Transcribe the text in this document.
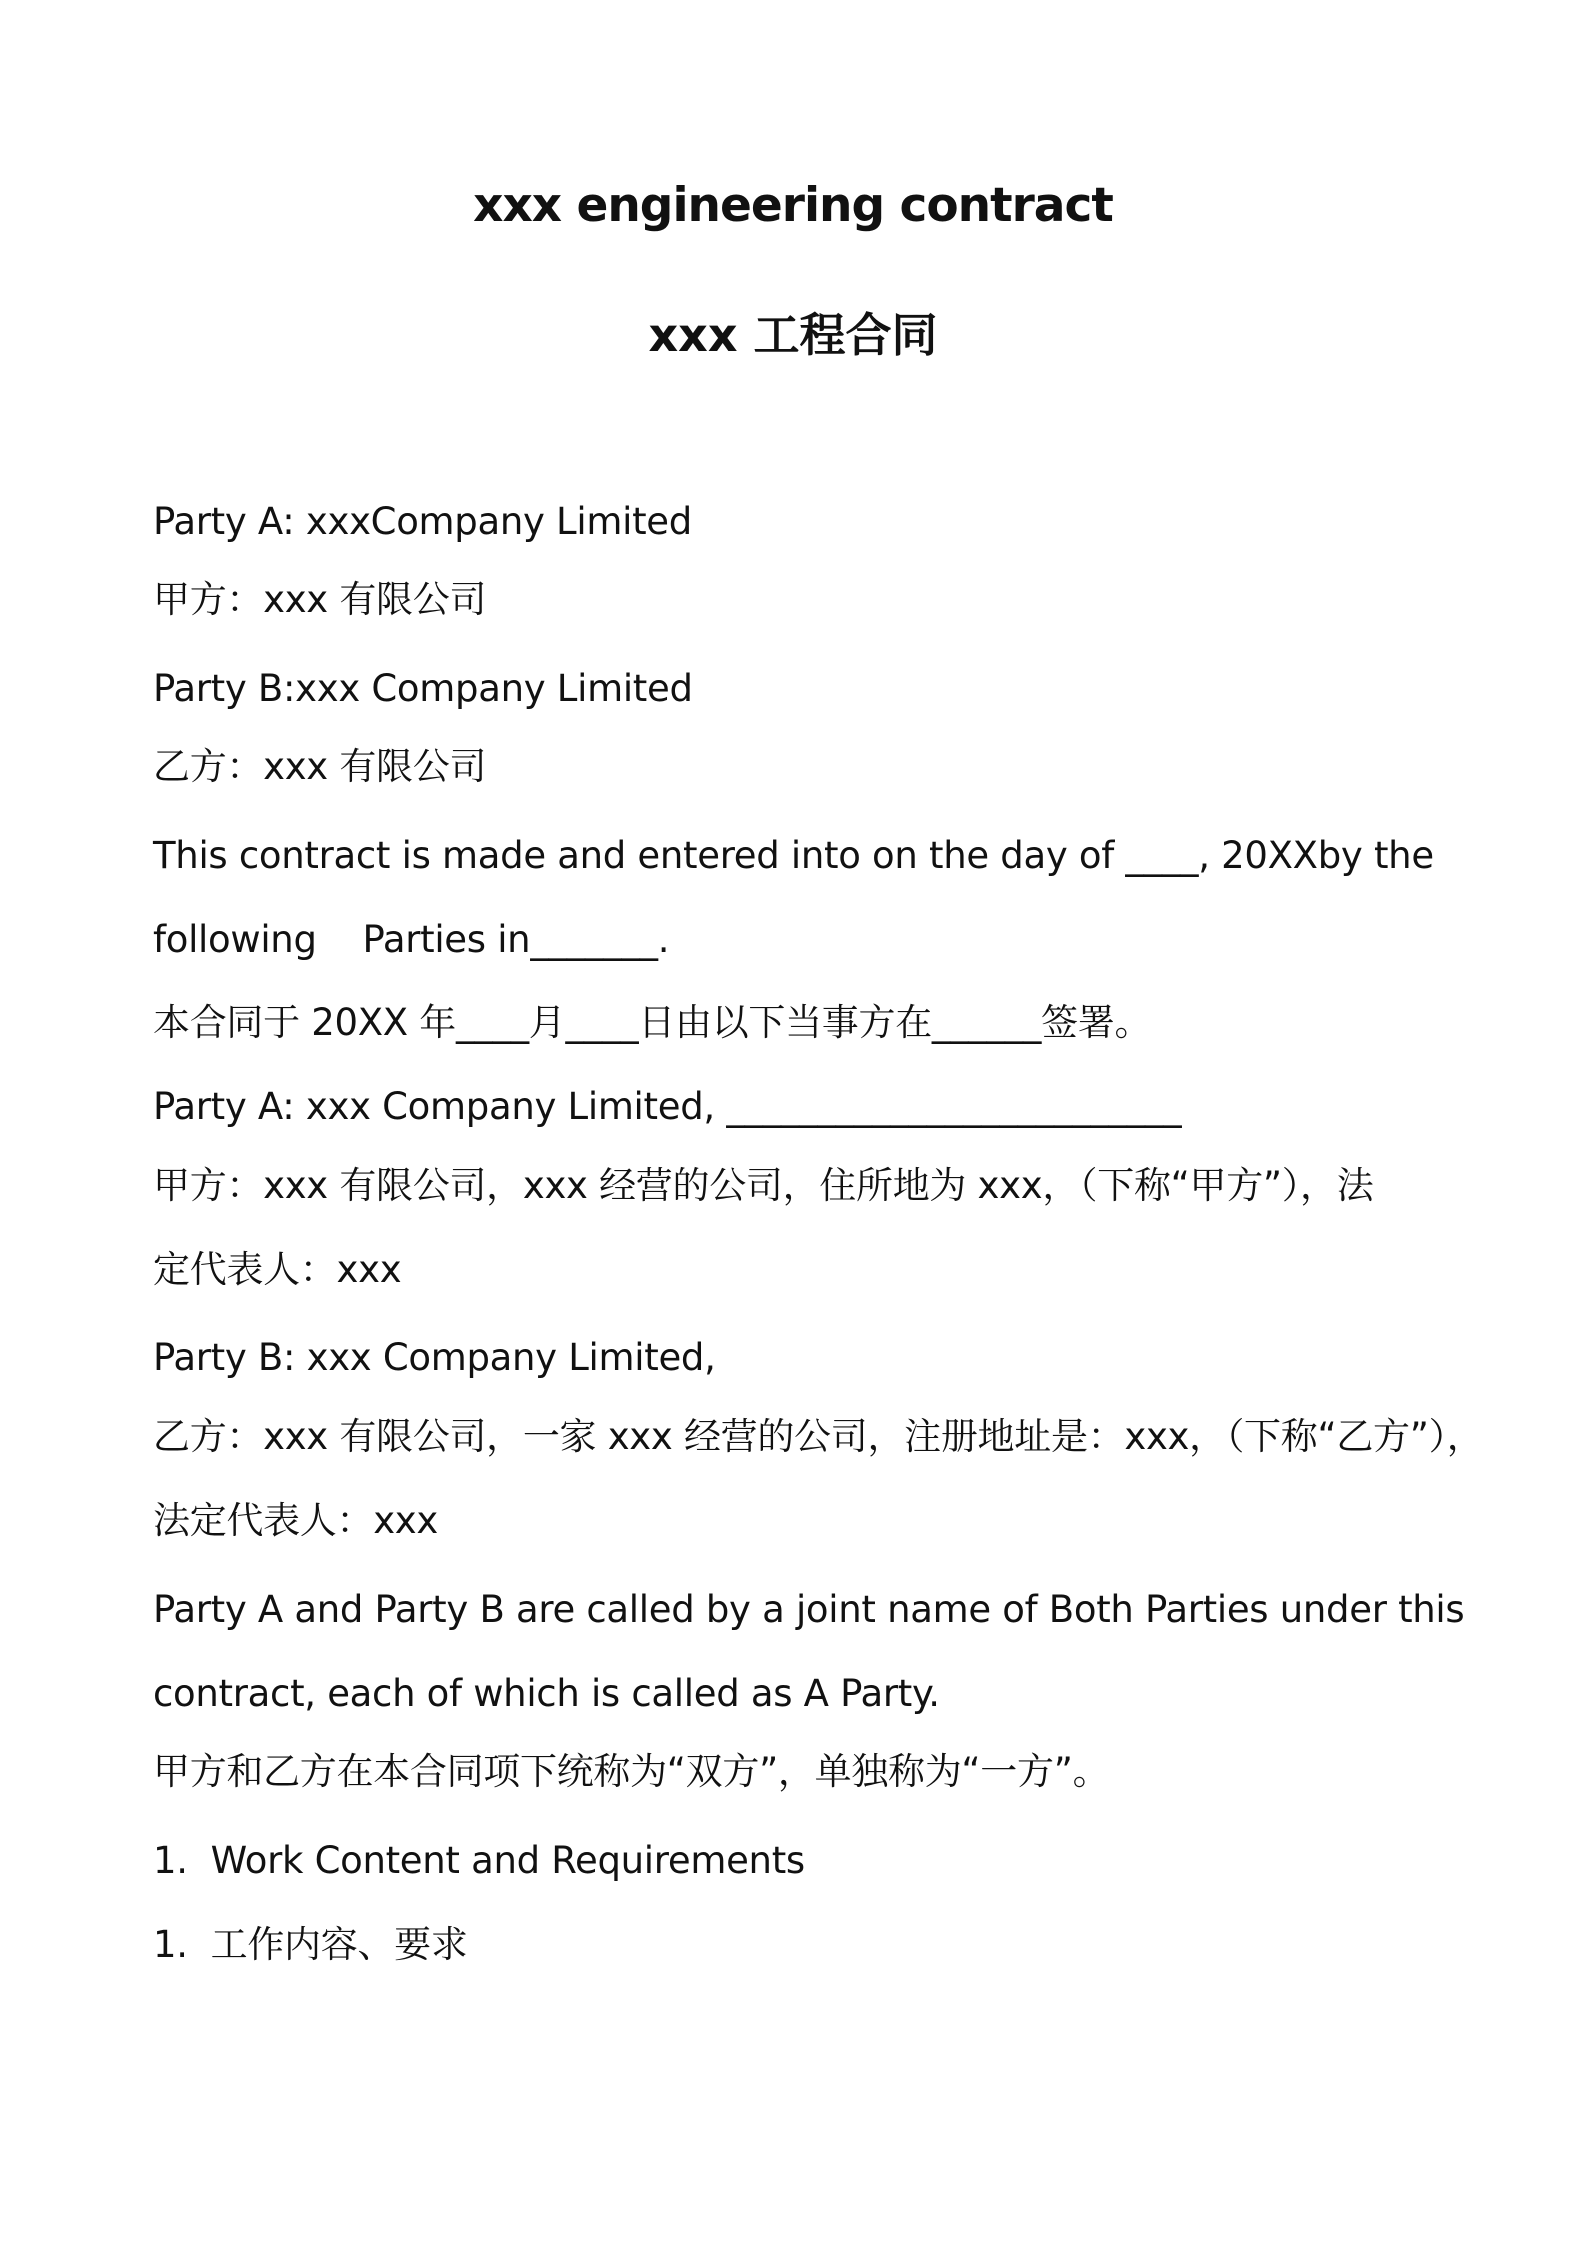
xxx engineering contract
xxx 工程合同
Party A: xxxCompany Limited
甲方：xxx 有限公司
Party B:xxx Company Limited
乙方：xxx 有限公司
This contract is made and entered into on the day of ____, 20XXby the
following    Parties in_______.
本合同于 20XX 年____月____日由以下当事方在______签署。
Party A: xxx Company Limited, _________________________
甲方：xxx 有限公司，xxx 经营的公司，住所地为 xxx，（下称“甲方”），法
定代表人：xxx
Party B: xxx Company Limited,
乙方：xxx 有限公司，一家 xxx 经营的公司，注册地址是：xxx，（下称“乙方”），
法定代表人：xxx
Party A and Party B are called by a joint name of Both Parties under this
contract, each of which is called as A Party.
甲方和乙方在本合同项下统称为“双方”，单独称为“一方”。
1.  Work Content and Requirements
1.  工作内容、要求
